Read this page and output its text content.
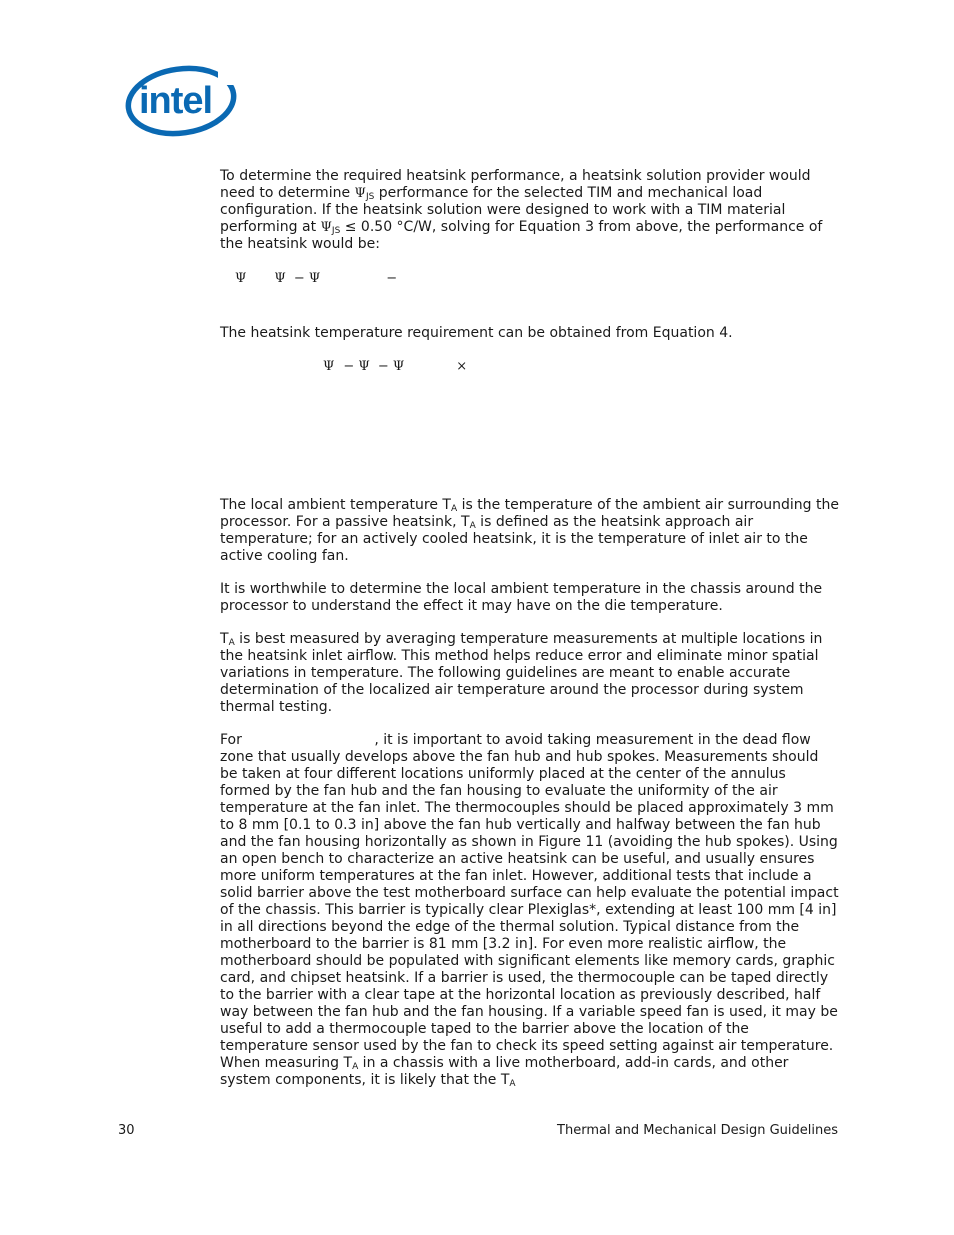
intel

To determine the required heatsink performance, a heatsink solution provider would need to determine $\Psi_{JS}$ performance for the selected TIM and mechanical load configuration. If the heatsink solution were designed to work with a TIM material performing at $\Psi_{JS} \le 0.50$ °C/W, solving for Equation 3 from above, the performance of the heatsink would be:

Ψ Ψ − Ψ	−

The heatsink temperature requirement can be obtained from Equation 4.

Ψ − Ψ − Ψ	×

The local ambient temperature $T_A$ is the temperature of the ambient air surrounding the processor. For a passive heatsink, $T_A$ is defined as the heatsink approach air temperature; for an actively cooled heatsink, it is the temperature of inlet air to the active cooling fan.

It is worthwhile to determine the local ambient temperature in the chassis around the processor to understand the effect it may have on the die temperature.

$T_A$ is best measured by averaging temperature measurements at multiple locations in the heatsink inlet airflow. This method helps reduce error and eliminate minor spatial variations in temperature. The following guidelines are meant to enable accurate determination of the localized air temperature around the processor during system thermal testing.

For	, it is important to avoid taking measurement in the dead flow zone that usually develops above the fan hub and hub spokes. Measurements should be taken at four different locations uniformly placed at the center of the annulus formed by the fan hub and the fan housing to evaluate the uniformity of the air temperature at the fan inlet. The thermocouples should be placed approximately 3 mm to 8 mm [0.1 to 0.3 in] above the fan hub vertically and halfway between the fan hub and the fan housing horizontally as shown in Figure 11 (avoiding the hub spokes). Using an open bench to characterize an active heatsink can be useful, and usually ensures more uniform temperatures at the fan inlet. However, additional tests that include a solid barrier above the test motherboard surface can help evaluate the potential impact of the chassis. This barrier is typically clear Plexiglas*, extending at least 100 mm [4 in] in all directions beyond the edge of the thermal solution. Typical distance from the motherboard to the barrier is 81 mm [3.2 in]. For even more realistic airflow, the motherboard should be populated with significant elements like memory cards, graphic card, and chipset heatsink. If a barrier is used, the thermocouple can be taped directly to the barrier with a clear tape at the horizontal location as previously described, half way between the fan hub and the fan housing. If a variable speed fan is used, it may be useful to add a thermocouple taped to the barrier above the location of the temperature sensor used by the fan to check its speed setting against air temperature. When measuring $T_A$ in a chassis with a live motherboard, add-in cards, and other system components, it is likely that the $T_A$

30	Thermal and Mechanical Design Guidelines
